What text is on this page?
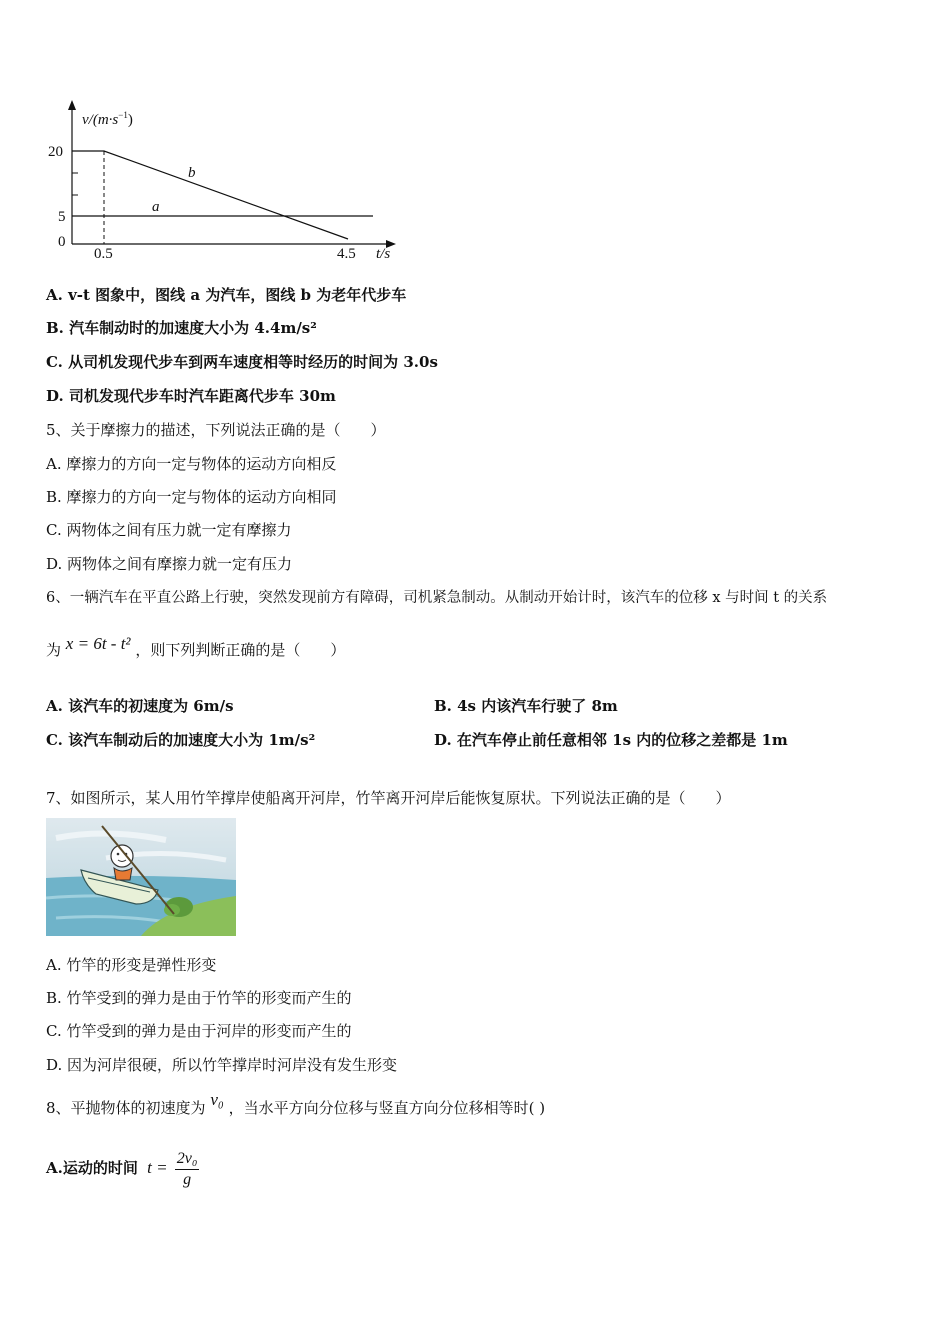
$v/(m\cdot s^{-1})$
20
5
0
0.5	4.5 t/s
a
b
A. v-t 图象中，图线 a 为汽车，图线 b 为老年代步车
B. 汽车制动时的加速度大小为 4.4m/s²
C. 从司机发现代步车到两车速度相等时经历的时间为 3.0s
D. 司机发现代步车时汽车距离代步车 30m
5、关于摩擦力的描述，下列说法正确的是（　　）
A. 摩擦力的方向一定与物体的运动方向相反
B. 摩擦力的方向一定与物体的运动方向相同
C. 两物体之间有压力就一定有摩擦力
D. 两物体之间有摩擦力就一定有压力
6、一辆汽车在平直公路上行驶，突然发现前方有障碍，司机紧急制动。从制动开始计时，该汽车的位移 x 与时间 t 的关系
为 x = 6t - t² ，则下列判断正确的是（　　）
A. 该汽车的初速度为 6m/s	B. 4s 内该汽车行驶了 8m
C. 该汽车制动后的加速度大小为 1m/s²	D. 在汽车停止前任意相邻 1s 内的位移之差都是 1m
7、如图所示，某人用竹竿撑岸使船离开河岸，竹竿离开河岸后能恢复原状。下列说法正确的是（　　）
A. 竹竿的形变是弹性形变
B. 竹竿受到的弹力是由于竹竿的形变而产生的
C. 竹竿受到的弹力是由于河岸的形变而产生的
D. 因为河岸很硬，所以竹竿撑岸时河岸没有发生形变
8、平抛物体的初速度为 v₀ ，当水平方向分位移与竖直方向分位移相等时( )
A.运动的时间 $t = \frac{\text{2v₀}}{g}$
